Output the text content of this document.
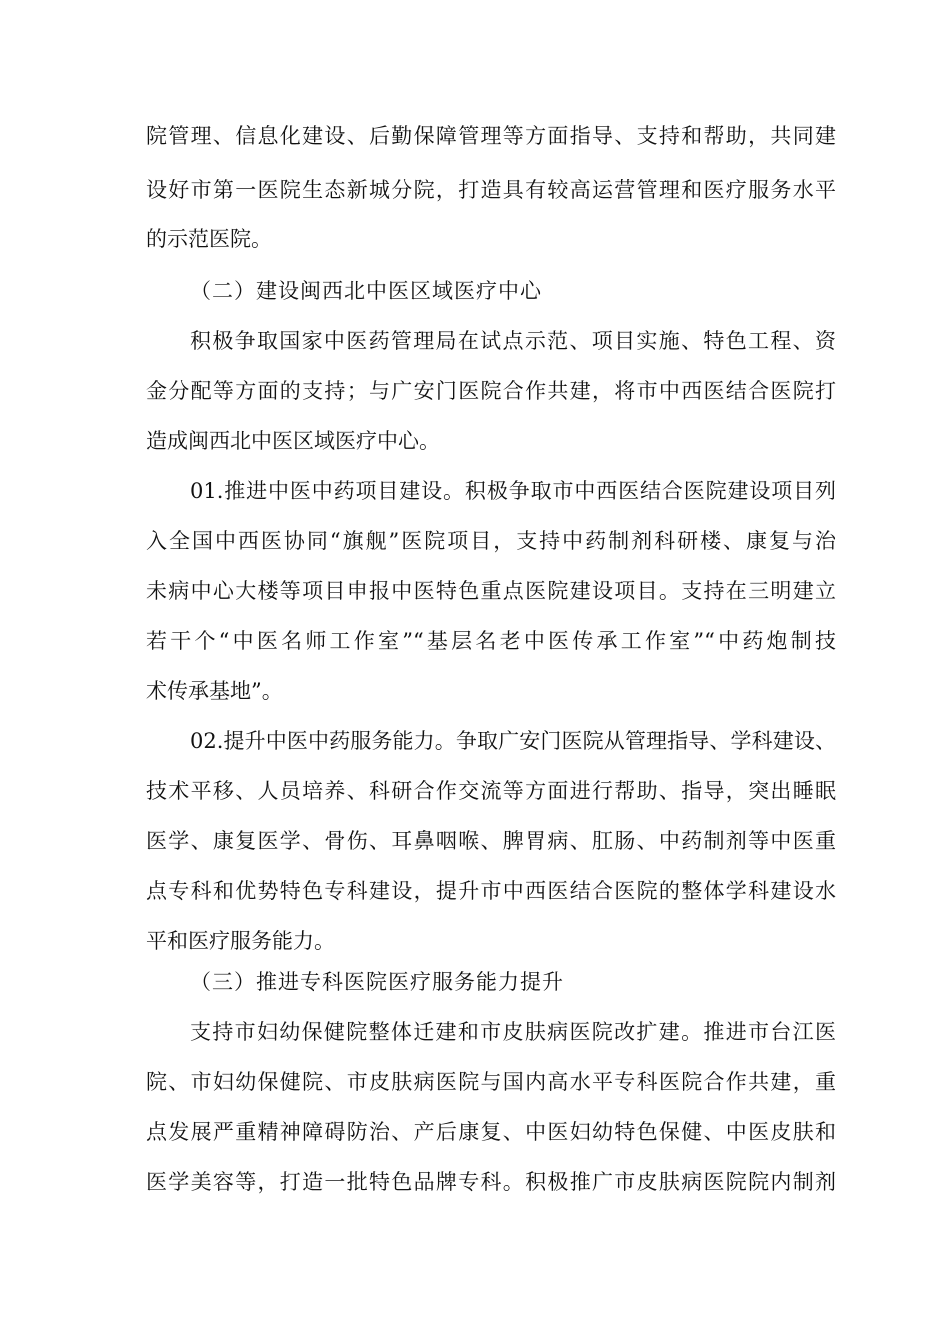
院管理、信息化建设、后勤保障管理等方面指导、支持和帮助，共同建
设好市第一医院生态新城分院，打造具有较高运营管理和医疗服务水平
的示范医院。
（二）建设闽西北中医区域医疗中心
积极争取国家中医药管理局在试点示范、项目实施、特色工程、资
金分配等方面的支持；与广安门医院合作共建，将市中西医结合医院打
造成闽西北中医区域医疗中心。
01.推进中医中药项目建设。积极争取市中西医结合医院建设项目列
入全国中西医协同“旗舰”医院项目，支持中药制剂科研楼、康复与治
未病中心大楼等项目申报中医特色重点医院建设项目。支持在三明建立
若干个“中医名师工作室”“基层名老中医传承工作室”“中药炮制技
术传承基地”。
02.提升中医中药服务能力。争取广安门医院从管理指导、学科建设、
技术平移、人员培养、科研合作交流等方面进行帮助、指导，突出睡眠
医学、康复医学、骨伤、耳鼻咽喉、脾胃病、肛肠、中药制剂等中医重
点专科和优势特色专科建设，提升市中西医结合医院的整体学科建设水
平和医疗服务能力。
（三）推进专科医院医疗服务能力提升
支持市妇幼保健院整体迁建和市皮肤病医院改扩建。推进市台江医
院、市妇幼保健院、市皮肤病医院与国内高水平专科医院合作共建，重
点发展严重精神障碍防治、产后康复、中医妇幼特色保健、中医皮肤和
医学美容等，打造一批特色品牌专科。积极推广市皮肤病医院院内制剂
